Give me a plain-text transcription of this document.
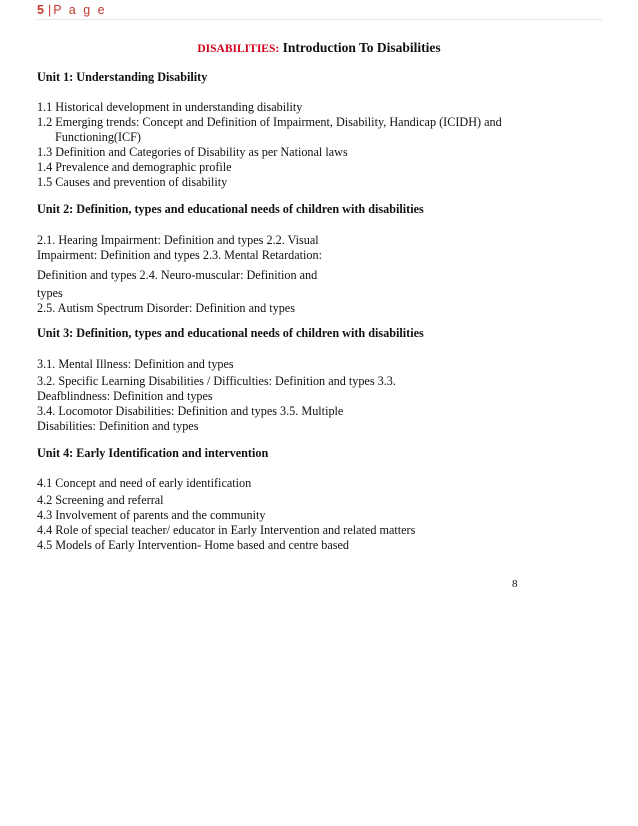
5 | P a g e
DISABILITIES: Introduction To Disabilities

Unit 1: Understanding Disability

1.1 Historical development in understanding disability

1.2 Emerging trends: Concept and Definition of Impairment, Disability, Handicap (ICIDH) and

Functioning(ICF)

1.3 Definition and Categories of Disability as per National laws

1.4 Prevalence and demographic profile

1.5 Causes and prevention of disability

Unit 2: Definition, types and educational needs of children with disabilities

2.1. Hearing Impairment: Definition and types 2.2. Visual

Impairment: Definition and types 2.3. Mental Retardation:

Definition and types 2.4. Neuro-muscular: Definition and

types

2.5. Autism Spectrum Disorder: Definition and types

Unit 3: Definition, types and educational needs of children with disabilities

3.1. Mental Illness: Definition and types

3.2. Specific Learning Disabilities / Difficulties: Definition and types 3.3.

Deafblindness: Definition and types

3.4. Locomotor Disabilities: Definition and types 3.5. Multiple

Disabilities: Definition and types

Unit 4: Early Identification and intervention

4.1 Concept and need of early identification

4.2 Screening and referral

4.3 Involvement of parents and the community

4.4 Role of special teacher/ educator in Early Intervention and related matters

4.5 Models of Early Intervention- Home based and centre based

8
